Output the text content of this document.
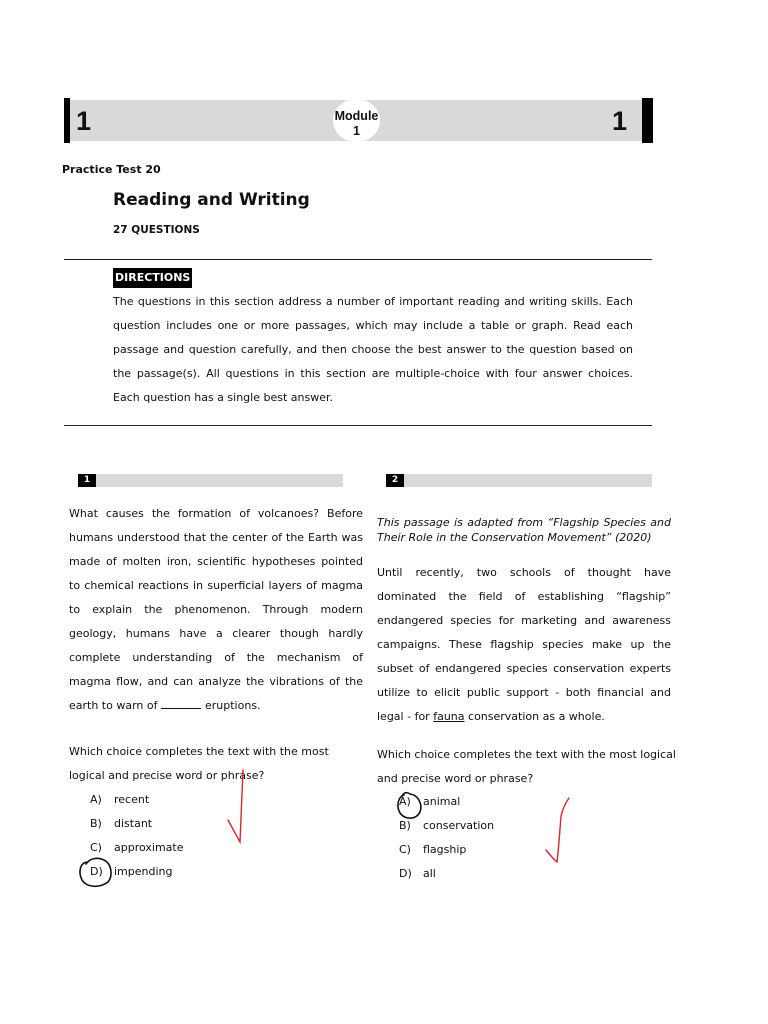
1	1
Module
1
Practice Test 20
Reading and Writing
27 QUESTIONS
DIRECTIONS
The questions in this section address a number of important reading and writing skills. Each question includes one or more passages, which may include a table or graph. Read each passage and question carefully, and then choose the best answer to the question based on the passage(s). All questions in this section are multiple-choice with four answer choices. Each question has a single best answer.
1
What causes the formation of volcanoes? Before humans understood that the center of the Earth was made of molten iron, scientific hypotheses pointed to chemical reactions in superficial layers of magma to explain the phenomenon. Through modern geology, humans have a clearer though hardly complete understanding of the mechanism of magma flow, and can analyze the vibrations of the earth to warn of	eruptions.
Which choice completes the text with the most logical and precise word or phrase?
A) recent
B) distant
C) approximate
D) impending
2
This passage is adapted from “Flagship Species and Their Role in the Conservation Movement” (2020)
Until recently, two schools of thought have dominated the field of establishing “flagship” endangered species for marketing and awareness campaigns. These flagship species make up the subset of endangered species conservation experts utilize to elicit public support - both financial and legal - for fauna conservation as a whole.
Which choice completes the text with the most logical and precise word or phrase?
A) animal
B) conservation
C) flagship
D) all
